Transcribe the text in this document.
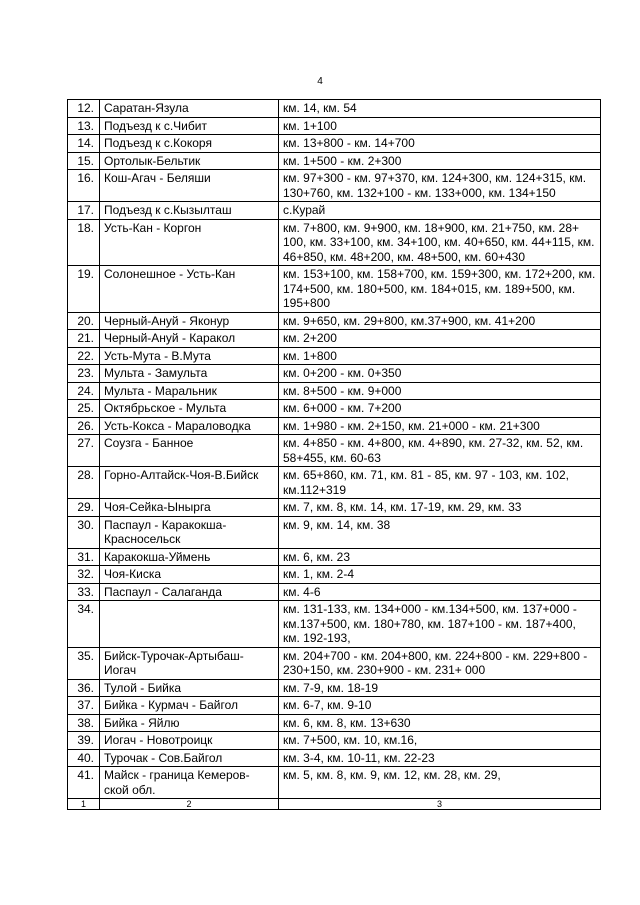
4
12.	Саратан-Язула	км. 14, км. 54
13.	Подъезд к с.Чибит	км. 1+100
14.	Подъезд к с.Кокоря	км. 13+800 - км. 14+700
15.	Ортолык-Бельтик	км. 1+500 - км. 2+300
16.	Кош-Агач - Беляши	км. 97+300 - км. 97+370, км. 124+300, км. 124+315, км. 130+760, км. 132+100 - км. 133+000, км. 134+150
17.	Подъезд к с.Кызылташ	с.Курай
18.	Усть-Кан - Коргон	км. 7+800, км. 9+900, км. 18+900, км. 21+750, км. 28+ 100, км. 33+100, км. 34+100, км. 40+650, км. 44+115, км. 46+850, км. 48+200, км. 48+500, км. 60+430
19.	Солонешное - Усть-Кан	км. 153+100, км. 158+700, км. 159+300, км. 172+200, км. 174+500, км. 180+500, км. 184+015, км. 189+500, км. 195+800
20.	Черный-Ануй - Яконур	км. 9+650, км. 29+800, км.37+900, км. 41+200
21.	Черный-Ануй - Каракол	км. 2+200
22.	Усть-Мута - В.Мута	км. 1+800
23.	Мульта - Замульта	км. 0+200 - км. 0+350
24.	Мульта - Маральник	км. 8+500 - км. 9+000
25.	Октябрьское - Мульта	км. 6+000 - км. 7+200
26.	Усть-Кокса - Мараловодка	км. 1+980 - км. 2+150, км. 21+000 - км. 21+300
27.	Соузга - Банное	км. 4+850 - км. 4+800, км. 4+890, км. 27-32, км. 52, км. 58+455, км. 60-63
28.	Горно-Алтайск-Чоя-В.Бийск	км. 65+860, км. 71, км. 81 - 85, км. 97 - 103, км. 102, км.112+319
29.	Чоя-Сейка-Ынырга	км. 7, км. 8, км. 14, км. 17-19, км. 29, км. 33
30.	Паспаул - Каракокша-Красносельск	км. 9, км. 14, км. 38
31.	Каракокша-Уймень	км. 6, км. 23
32.	Чоя-Киска	км. 1, км. 2-4
33.	Паспаул - Салаганда	км. 4-6
34.		км. 131-133, км. 134+000 - км.134+500, км. 137+000 - км.137+500, км. 180+780, км. 187+100 - км. 187+400, км. 192-193,
35.	Бийск-Турочак-Артыбаш-Иогач	км. 204+700 - км. 204+800, км. 224+800 - км. 229+800 - 230+150, км. 230+900 - км. 231+ 000
36.	Тулой - Бийка	км. 7-9, км. 18-19
37.	Бийка - Курмач - Байгол	км. 6-7, км. 9-10
38.	Бийка - Яйлю	км. 6, км. 8, км. 13+630
39.	Иогач - Новотроицк	км. 7+500, км. 10, км.16,
40.	Турочак - Сов.Байгол	км. 3-4, км. 10-11, км. 22-23
41.	Майск - граница Кемеров-ской обл.	км. 5, км. 8, км. 9, км. 12, км. 28, км. 29,
1	2	3
